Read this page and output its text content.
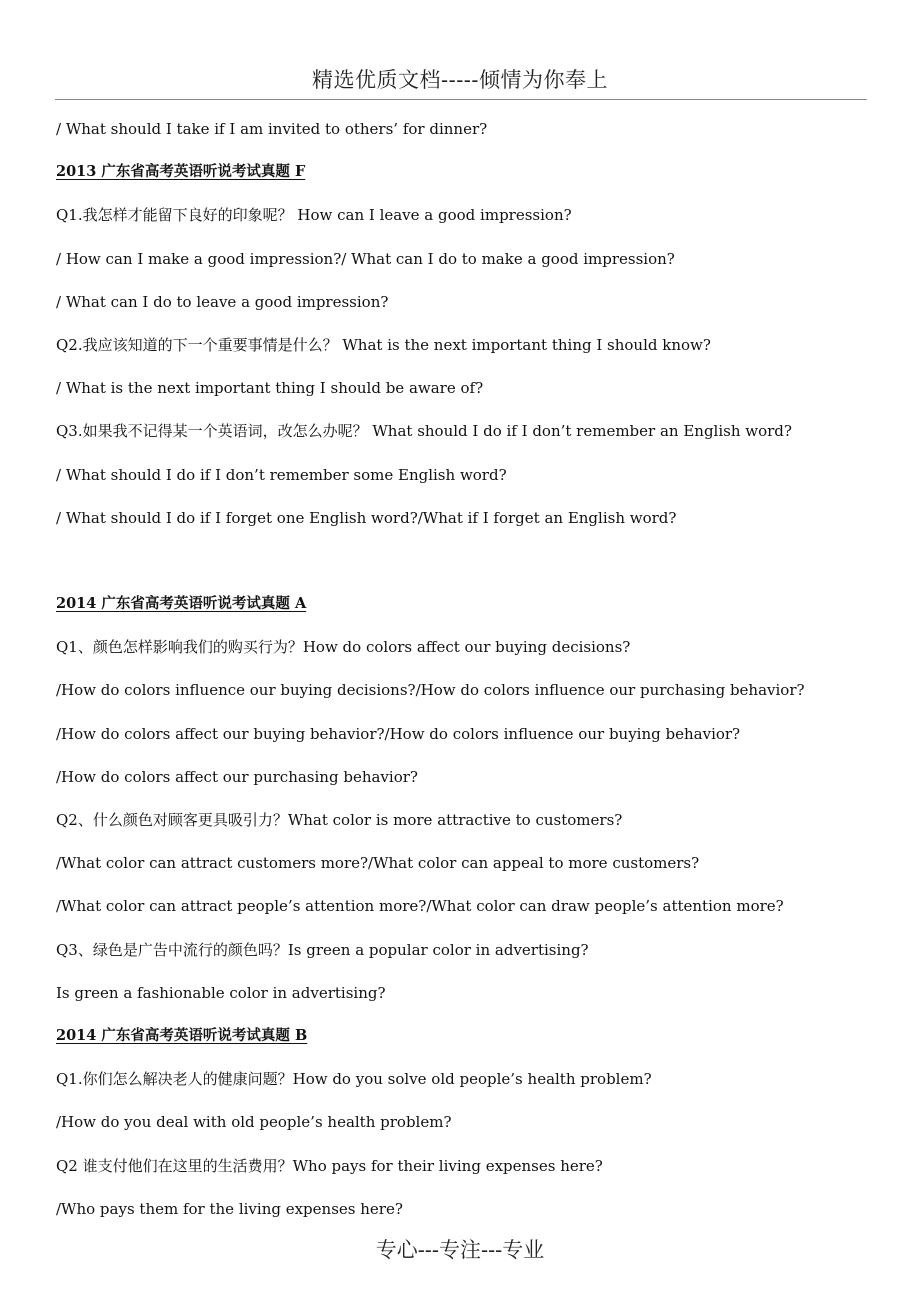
精选优质文档-----倾情为你奉上
/ What should I take if I am invited to others’ for dinner?
2013 广东省高考英语听说考试真题 F
Q1.我怎样才能留下良好的印象呢？ How can I leave a good impression?
/ How can I make a good impression?/ What can I do to make a good impression?
/ What can I do to leave a good impression?
Q2.我应该知道的下一个重要事情是什么？ What is the next important thing I should know?
/ What is the next important thing I should be aware of?
Q3.如果我不记得某一个英语词，改怎么办呢？ What should I do if I don’t remember an English word?
/ What should I do if I don’t remember some English word?
/ What should I do if I forget one English word?/What if I forget an English word?
2014 广东省高考英语听说考试真题 A
Q1、颜色怎样影响我们的购买行为？How do colors affect our buying decisions?
/How do colors influence our buying decisions?/How do colors influence our purchasing behavior?
/How do colors affect our buying behavior?/How do colors influence our buying behavior?
/How do colors affect our purchasing behavior?
Q2、什么颜色对顾客更具吸引力？What color is more attractive to customers?
/What color can attract customers more?/What color can appeal to more customers?
/What color can attract people’s attention more?/What color can draw people’s attention more?
Q3、绿色是广告中流行的颜色吗？Is green a popular color in advertising?
Is green a fashionable color in advertising?
2014 广东省高考英语听说考试真题 B
Q1.你们怎么解决老人的健康问题？How do you solve old people’s health problem?
/How do you deal with old people’s health problem?
Q2 谁支付他们在这里的生活费用？Who pays for their living expenses here?
/Who pays them for the living expenses here?
专心---专注---专业
